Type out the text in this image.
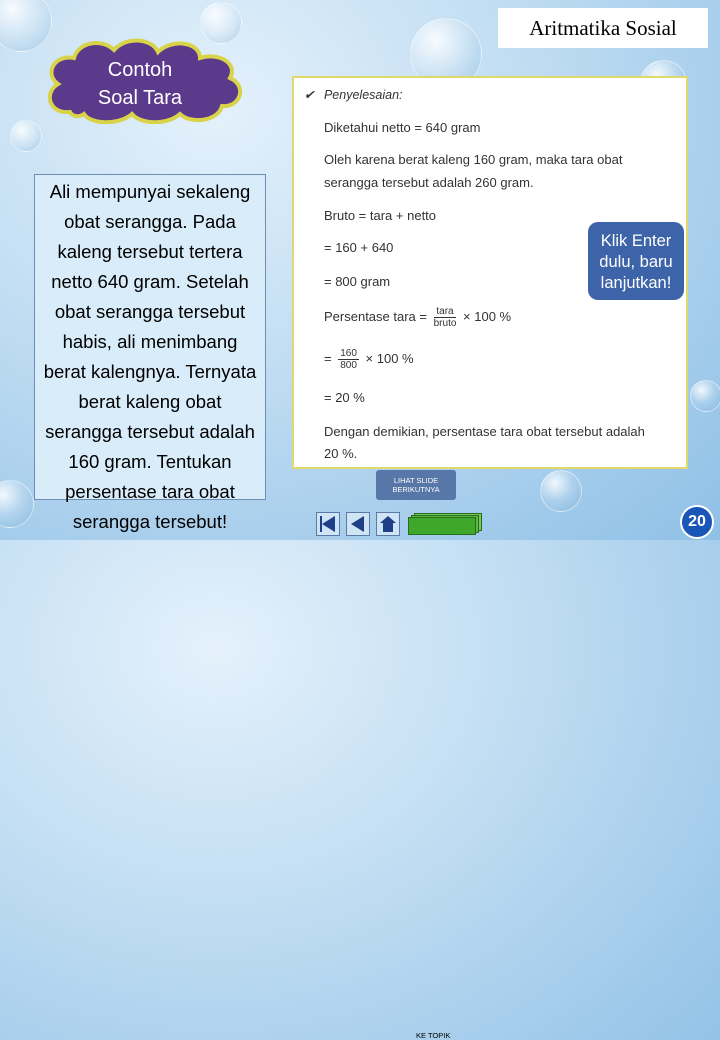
Aritmatika Sosial
Contoh
Soal Tara
Ali mempunyai sekaleng obat serangga. Pada kaleng tersebut tertera netto 640 gram. Setelah obat serangga tersebut habis, ali menimbang berat kalengnya. Ternyata berat kaleng obat serangga tersebut adalah 160 gram. Tentukan persentase tara obat serangga tersebut!
✔ Penyelesaian:
Diketahui netto = 640 gram
Oleh karena berat kaleng 160 gram, maka tara obat
serangga tersebut adalah 260 gram.
Bruto = tara + netto
= 160 + 640
= 800 gram
Persentase tara = $\frac{\text{tara}}{\text{bruto}} \times 100$ %
= $\frac{160}{800} \times 100$ %
= 20 %
Dengan demikian, persentase tara obat tersebut adalah
20 %.
Klik Enter dulu, baru lanjutkan!
LIHAT SLIDE BERIKUTNYA
KE TOPIK
20
